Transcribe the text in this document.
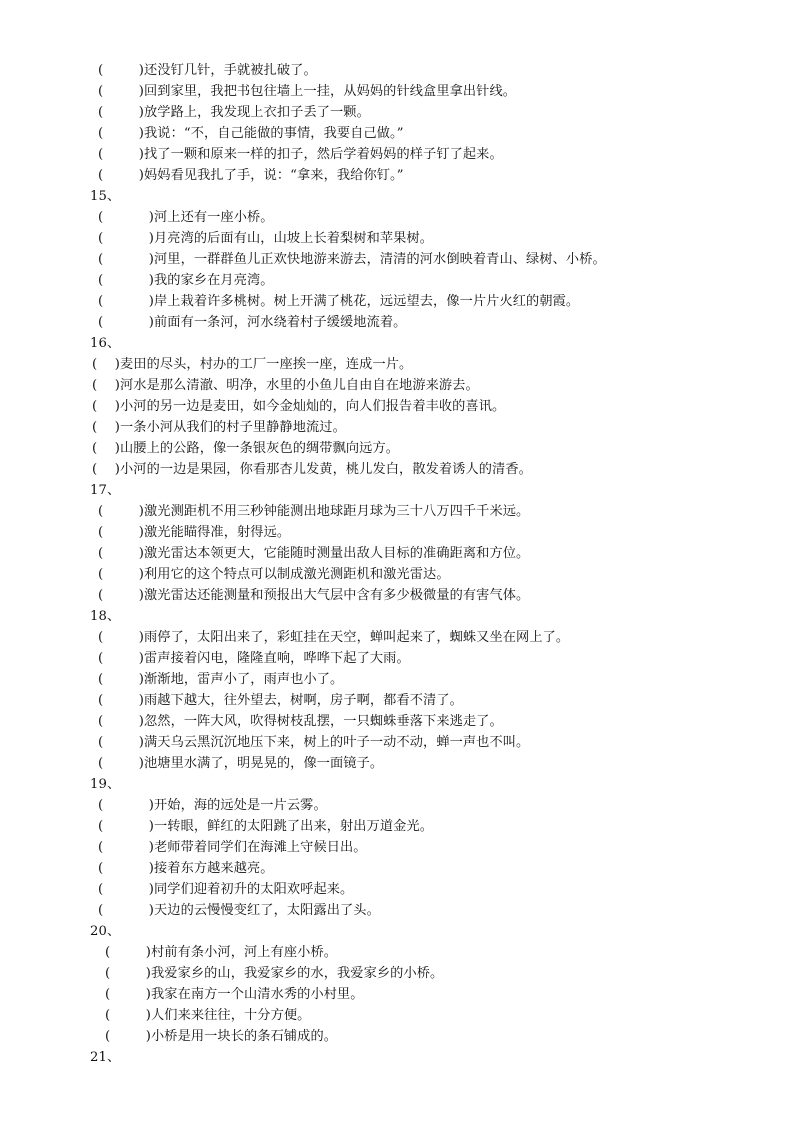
(	) 还没钉几针，手就被扎破了。
(	) 回到家里，我把书包往墙上一挂，从妈妈的针线盒里拿出针线。
(	) 放学路上，我发现上衣扣子丢了一颗。
(	) 我说：“不，自己能做的事情，我要自己做。”
(	) 找了一颗和原来一样的扣子，然后学着妈妈的样子钉了起来。
(	) 妈妈看见我扎了手，说：“拿来，我给你钉。”
15、
(	) 河上还有一座小桥。
(	) 月亮湾的后面有山，山坡上长着梨树和苹果树。
(	) 河里，一群群鱼儿正欢快地游来游去，清清的河水倒映着青山、绿树、小桥。
(	) 我的家乡在月亮湾。
(	) 岸上栽着许多桃树。树上开满了桃花，远远望去，像一片片火红的朝霞。
(	) 前面有一条河，河水绕着村子缓缓地流着。
16、
( ) 麦田的尽头，村办的工厂一座挨一座，连成一片。
( ) 河水是那么清澈、明净，水里的小鱼儿自由自在地游来游去。
( ) 小河的另一边是麦田，如今金灿灿的，向人们报告着丰收的喜讯。
( ) 一条小河从我们的村子里静静地流过。
( ) 山腰上的公路，像一条银灰色的绸带飘向远方。
( ) 小河的一边是果园，你看那杏儿发黄，桃儿发白，散发着诱人的清香。
17、
(	) 激光测距机不用三秒钟能测出地球距月球为三十八万四千千米远。
(	) 激光能瞄得准，射得远。
(	) 激光雷达本领更大，它能随时测量出敌人目标的准确距离和方位。
(	) 利用它的这个特点可以制成激光测距机和激光雷达。
(	) 激光雷达还能测量和预报出大气层中含有多少极微量的有害气体。
18、
(	) 雨停了，太阳出来了，彩虹挂在天空，蝉叫起来了，蜘蛛又坐在网上了。
(	) 雷声接着闪电，隆隆直响，哗哗下起了大雨。
(	) 渐渐地，雷声小了，雨声也小了。
(	) 雨越下越大，往外望去，树啊，房子啊，都看不清了。
(	) 忽然，一阵大风，吹得树枝乱摆，一只蜘蛛垂落下来逃走了。
(	) 满天乌云黑沉沉地压下来，树上的叶子一动不动，蝉一声也不叫。
(	) 池塘里水满了，明晃晃的，像一面镜子。
19、
(	) 开始，海的远处是一片云雾。
(	) 一转眼，鲜红的太阳跳了出来，射出万道金光。
(	) 老师带着同学们在海滩上守候日出。
(	) 接着东方越来越亮。
(	) 同学们迎着初升的太阳欢呼起来。
(	) 天边的云慢慢变红了，太阳露出了头。
20、
(	) 村前有条小河，河上有座小桥。
(	) 我爱家乡的山，我爱家乡的水，我爱家乡的小桥。
(	) 我家在南方一个山清水秀的小村里。
(	) 人们来来往往，十分方便。
(	) 小桥是用一块长的条石铺成的。
21、
